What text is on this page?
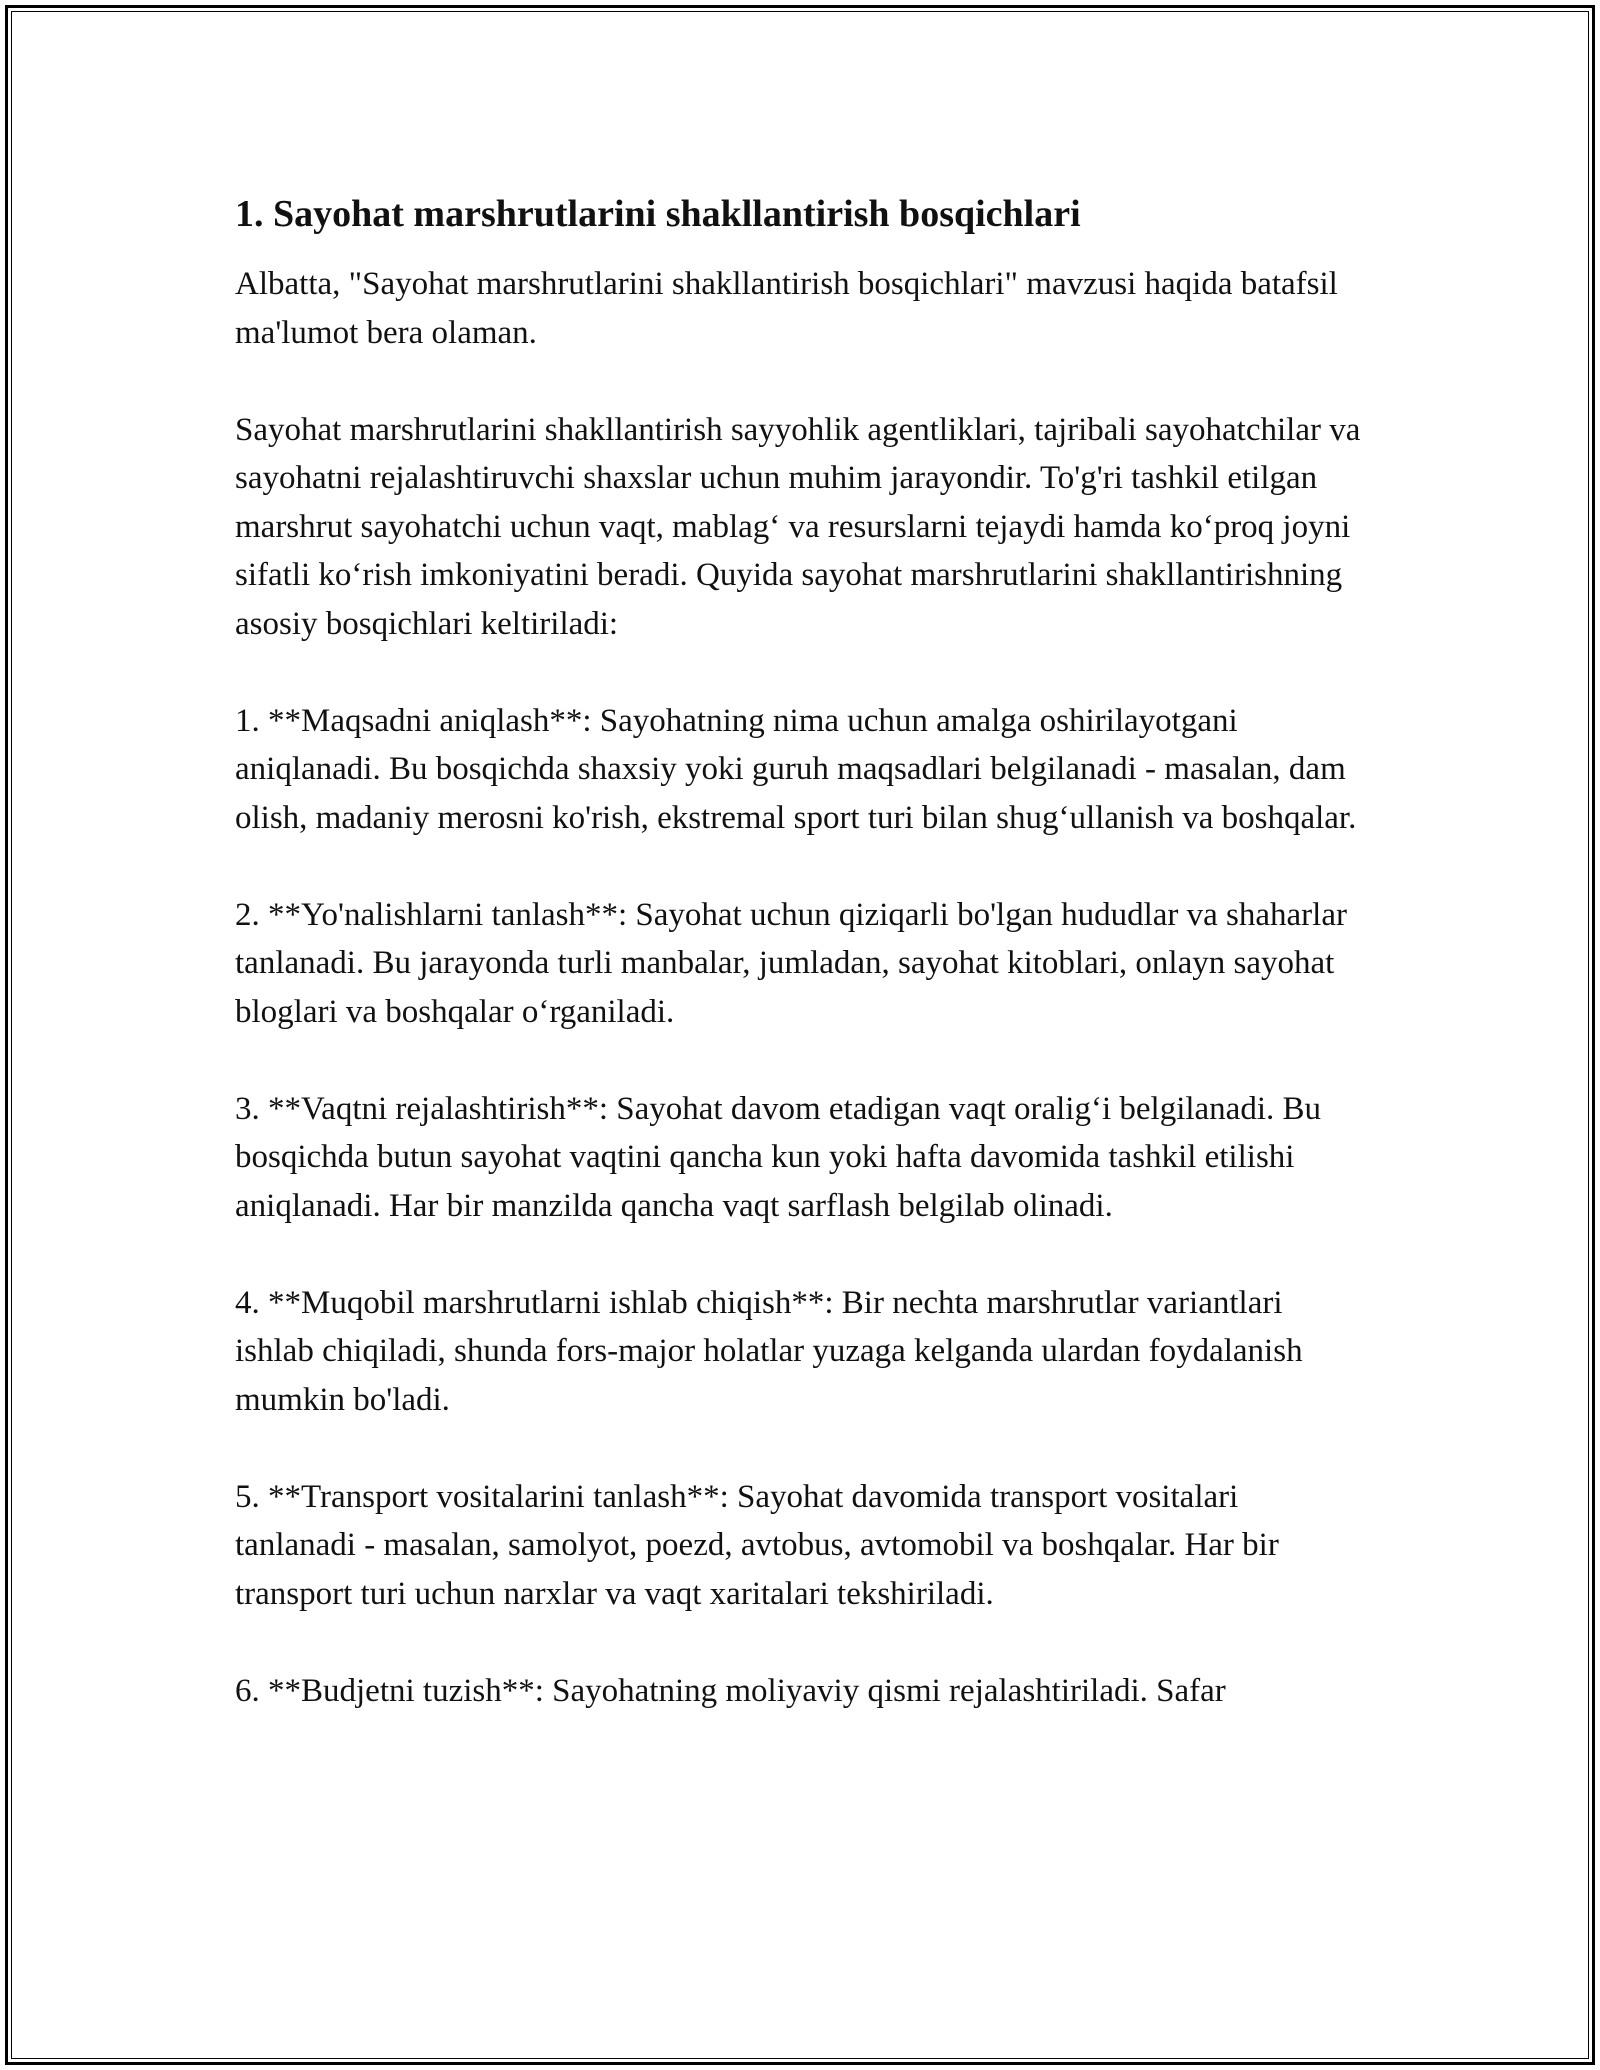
1. Sayohat marshrutlarini shakllantirish bosqichlari
Albatta, "Sayohat marshrutlarini shakllantirish bosqichlari" mavzusi haqida batafsil ma'lumot bera olaman.
Sayohat marshrutlarini shakllantirish sayyohlik agentliklari, tajribali sayohatchilar va sayohatni rejalashtiruvchi shaxslar uchun muhim jarayondir. To'g'ri tashkil etilgan marshrut sayohatchi uchun vaqt, mablag‘ va resurslarni tejaydi hamda ko‘proq joyni sifatli ko‘rish imkoniyatini beradi. Quyida sayohat marshrutlarini shakllantirishning asosiy bosqichlari keltiriladi:
1. **Maqsadni aniqlash**: Sayohatning nima uchun amalga oshirilayotgani aniqlanadi. Bu bosqichda shaxsiy yoki guruh maqsadlari belgilanadi - masalan, dam olish, madaniy merosni ko'rish, ekstremal sport turi bilan shug‘ullanish va boshqalar.
2. **Yo'nalishlarni tanlash**: Sayohat uchun qiziqarli bo'lgan hududlar va shaharlar tanlanadi. Bu jarayonda turli manbalar, jumladan, sayohat kitoblari, onlayn sayohat bloglari va boshqalar o‘rganiladi.
3. **Vaqtni rejalashtirish**: Sayohat davom etadigan vaqt oralig‘i belgilanadi. Bu bosqichda butun sayohat vaqtini qancha kun yoki hafta davomida tashkil etilishi aniqlanadi. Har bir manzilda qancha vaqt sarflash belgilab olinadi.
4. **Muqobil marshrutlarni ishlab chiqish**: Bir nechta marshrutlar variantlari ishlab chiqiladi, shunda fors-major holatlar yuzaga kelganda ulardan foydalanish mumkin bo'ladi.
5. **Transport vositalarini tanlash**: Sayohat davomida transport vositalari tanlanadi - masalan, samolyot, poezd, avtobus, avtomobil va boshqalar. Har bir transport turi uchun narxlar va vaqt xaritalari tekshiriladi.
6. **Budjetni tuzish**: Sayohatning moliyaviy qismi rejalashtiriladi. Safar
